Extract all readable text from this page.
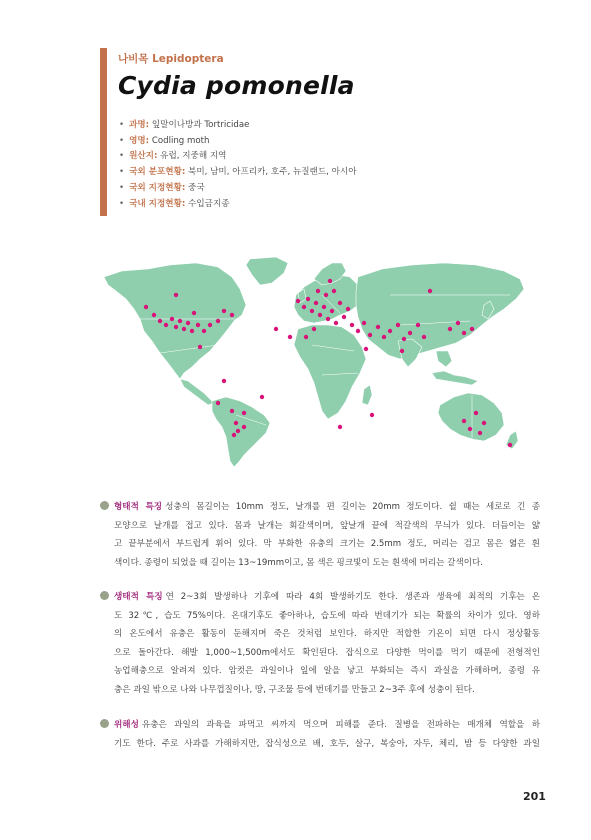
나비목 Lepidoptera
Cydia pomonella
• 과명: 잎말이나방과 Tortricidae
• 영명: Codling moth
• 원산지: 유럽, 지중해 지역
• 국외 분포현황: 북미, 남미, 아프리카, 호주, 뉴질랜드, 아시아
• 국외 지정현황: 중국
• 국내 지정현황: 수입금지종
형태적 특징 성충의 몸길이는 10mm 정도, 날개를 편 길이는 20mm 정도이다. 쉴 때는 세로로 긴 종
모양으로 날개를 접고 있다. 몸과 날개는 회갈색이며, 앞날개 끝에 적갈색의 무늬가 있다. 더듬이는 얇
고 끝부분에서 부드럽게 휘어 있다. 막 부화한 유충의 크기는 2.5mm 정도, 머리는 검고 몸은 엷은 흰
색이다. 종령이 되었을 때 길이는 13~19mm이고, 몸 색은 핑크빛이 도는 흰색에 머리는 갈색이다.
생태적 특징 연 2~3회 발생하나 기후에 따라 4회 발생하기도 한다. 생존과 생육에 최적의 기후는 온
도 32℃, 습도 75%이다. 온대기후도 좋아하나, 습도에 따라 번데기가 되는 확률의 차이가 있다. 영하
의 온도에서 유충은 활동이 둔해지며 죽은 것처럼 보인다. 하지만 적합한 기온이 되면 다시 정상활동
으로 돌아간다. 해발 1,000~1,500m에서도 확인된다. 잡식으로 다양한 먹이를 먹기 때문에 전형적인
농업해충으로 알려져 있다. 암컷은 과일이나 잎에 알을 낳고 부화되는 즉시 과실을 가해하며, 종령 유
충은 과일 밖으로 나와 나무껍질이나, 땅, 구조물 등에 번데기를 만들고 2~3주 후에 성충이 된다.
위해성 유충은 과일의 과육을 파먹고 씨까지 먹으며 피해를 준다. 질병을 전파하는 매개체 역할을 하
기도 한다. 주로 사과를 가해하지만, 잡식성으로 배, 호두, 살구, 복숭아, 자두, 체리, 밤 등 다양한 과일
201
